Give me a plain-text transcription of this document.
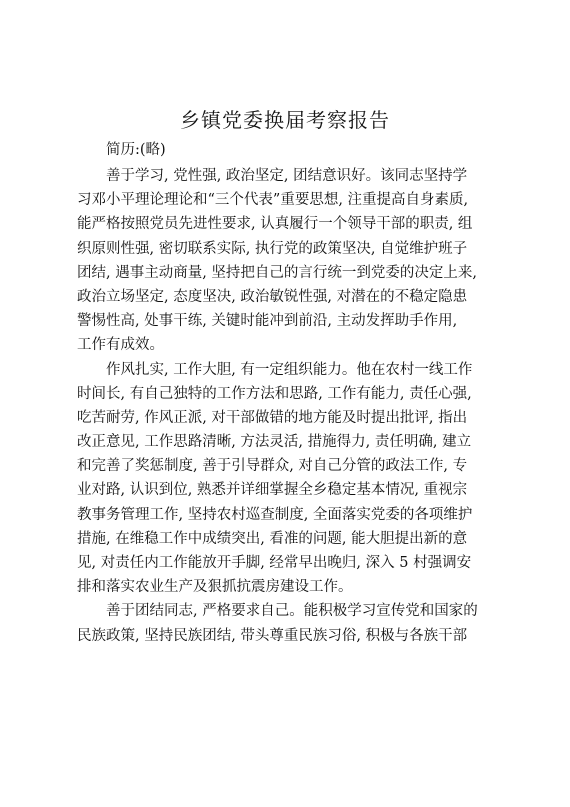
乡镇党委换届考察报告
简历:(略)
善于学习, 党性强, 政治坚定, 团结意识好。该同志坚持学
习邓小平理论理论和“三个代表”重要思想, 注重提高自身素质,
能严格按照党员先进性要求, 认真履行一个领导干部的职责, 组
织原则性强, 密切联系实际, 执行党的政策坚决, 自觉维护班子
团结, 遇事主动商量, 坚持把自己的言行统一到党委的决定上来,
政治立场坚定, 态度坚决, 政治敏锐性强, 对潜在的不稳定隐患
警惕性高, 处事干练, 关键时能冲到前沿, 主动发挥助手作用,
工作有成效。
作风扎实, 工作大胆, 有一定组织能力。他在农村一线工作
时间长, 有自己独特的工作方法和思路, 工作有能力, 责任心强,
吃苦耐劳, 作风正派, 对干部做错的地方能及时提出批评, 指出
改正意见, 工作思路清晰, 方法灵活, 措施得力, 责任明确, 建立
和完善了奖惩制度, 善于引导群众, 对自己分管的政法工作, 专
业对路, 认识到位, 熟悉并详细掌握全乡稳定基本情况, 重视宗
教事务管理工作, 坚持农村巡查制度, 全面落实党委的各项维护
措施, 在维稳工作中成绩突出, 看准的问题, 能大胆提出新的意
见, 对责任内工作能放开手脚, 经常早出晚归, 深入 5 村强调安
排和落实农业生产及狠抓抗震房建设工作。
善于团结同志, 严格要求自己。能积极学习宣传党和国家的
民族政策, 坚持民族团结, 带头尊重民族习俗, 积极与各族干部
